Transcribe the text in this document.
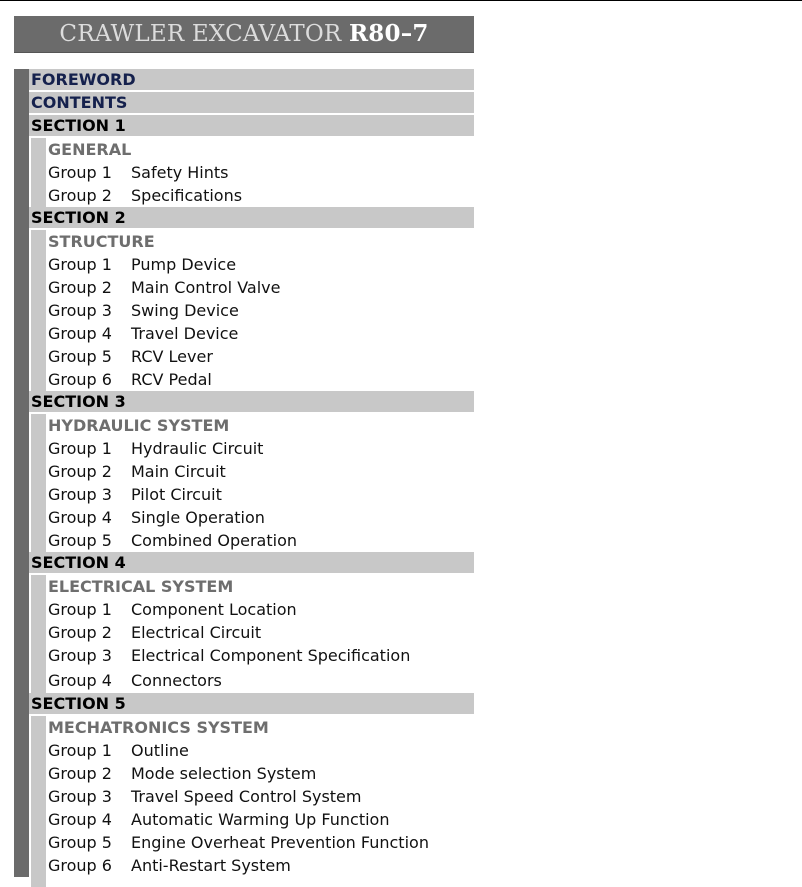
CRAWLER EXCAVATOR R80–7
FOREWORD
CONTENTS
SECTION 1
GENERAL
Group 1 Safety Hints
Group 2 Specifications
SECTION 2
STRUCTURE
Group 1 Pump Device
Group 2 Main Control Valve
Group 3 Swing Device
Group 4 Travel Device
Group 5 RCV Lever
Group 6 RCV Pedal
SECTION 3
HYDRAULIC SYSTEM
Group 1 Hydraulic Circuit
Group 2 Main Circuit
Group 3 Pilot Circuit
Group 4 Single Operation
Group 5 Combined Operation
SECTION 4
ELECTRICAL SYSTEM
Group 1 Component Location
Group 2 Electrical Circuit
Group 3 Electrical Component Specification
Group 4 Connectors
SECTION 5
MECHATRONICS SYSTEM
Group 1 Outline
Group 2 Mode selection System
Group 3 Travel Speed Control System
Group 4 Automatic Warming Up Function
Group 5 Engine Overheat Prevention Function
Group 6 Anti-Restart System
